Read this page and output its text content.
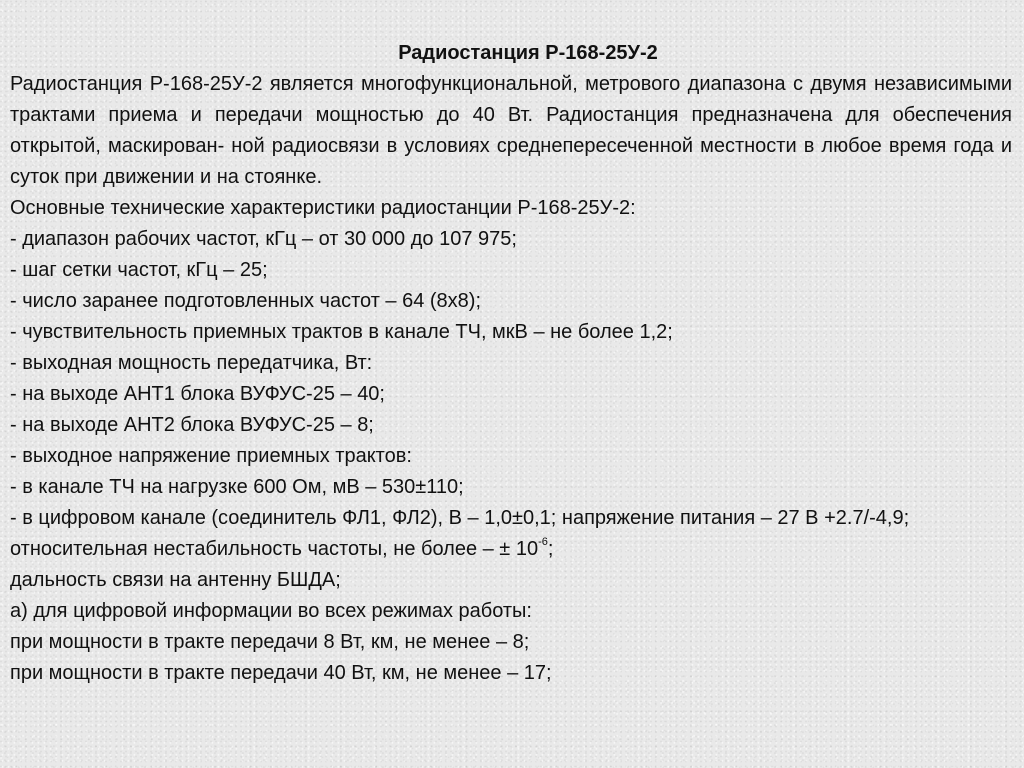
Радиостанция Р-168-25У-2

Радиостанция Р-168-25У-2 является многофункциональной, метрового диапазона с двумя независимыми трактами приема и передачи мощностью до 40 Вт. Радиостанция предназначена для обеспечения открытой, маскирован- ной радиосвязи в условиях среднепересеченной местности в любое время года и суток при движении и на стоянке.

Основные технические характеристики радиостанции Р-168-25У-2:

- диапазон рабочих частот, кГц – от 30 000 до 107 975;

- шаг сетки частот, кГц – 25;

- число заранее подготовленных частот – 64 (8х8);

- чувствительность приемных трактов в канале ТЧ, мкВ – не более 1,2;

- выходная мощность передатчика, Вт:

- на выходе АНТ1 блока ВУФУС-25 – 40;

- на выходе АНТ2 блока ВУФУС-25 – 8;

- выходное напряжение приемных трактов:

- в канале ТЧ на нагрузке 600 Ом, мВ – 530±110;

- в цифровом канале (соединитель ФЛ1, ФЛ2), В – 1,0±0,1; напряжение питания – 27 В +2.7/-4,9;

относительная нестабильность частоты, не более – ± $10^{-6}$;

дальность связи на антенну БШДА;

а) для цифровой информации во всех режимах работы:

при мощности в тракте передачи 8 Вт, км, не менее – 8;

при мощности в тракте передачи 40 Вт, км, не менее – 17;
